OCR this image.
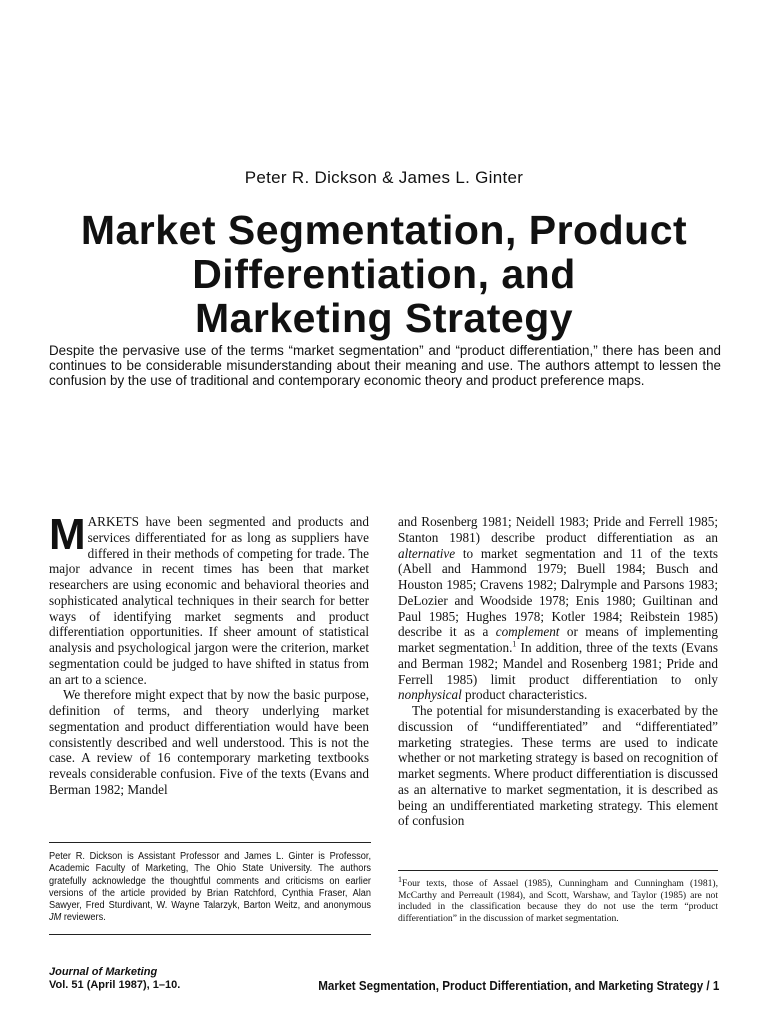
Peter R. Dickson & James L. Ginter
Market Segmentation, Product
Differentiation, and
Marketing Strategy
Despite the pervasive use of the terms “market segmentation” and “product differentiation,” there has been and continues to be considerable misunderstanding about their meaning and use. The authors attempt to lessen the confusion by the use of traditional and contemporary economic theory and product preference maps.

MARKETS have been segmented and products and services differentiated for as long as suppliers have differed in their methods of competing for trade. The major advance in recent times has been that market researchers are using economic and behavioral theories and sophisticated analytical techniques in their search for better ways of identifying market segments and product differentiation opportunities. If sheer amount of statistical analysis and psychological jargon were the criterion, market segmentation could be judged to have shifted in status from an art to a science.

We therefore might expect that by now the basic purpose, definition of terms, and theory underlying market segmentation and product differentiation would have been consistently described and well understood. This is not the case. A review of 16 contemporary marketing textbooks reveals considerable confusion. Five of the texts (Evans and Berman 1982; Mandel

and Rosenberg 1981; Neidell 1983; Pride and Ferrell 1985; Stanton 1981) describe product differentiation as an alternative to market segmentation and 11 of the texts (Abell and Hammond 1979; Buell 1984; Busch and Houston 1985; Cravens 1982; Dalrymple and Parsons 1983; DeLozier and Woodside 1978; Enis 1980; Guiltinan and Paul 1985; Hughes 1978; Kotler 1984; Reibstein 1985) describe it as a complement or means of implementing market segmentation.$^1$ In addition, three of the texts (Evans and Berman 1982; Mandel and Rosenberg 1981; Pride and Ferrell 1985) limit product differentiation to only nonphysical product characteristics.

The potential for misunderstanding is exacerbated by the discussion of “undifferentiated” and “differentiated” marketing strategies. These terms are used to indicate whether or not marketing strategy is based on recognition of market segments. Where product differentiation is discussed as an alternative to market segmentation, it is described as being an undifferentiated marketing strategy. This element of confusion

Peter R. Dickson is Assistant Professor and James L. Ginter is Professor, Academic Faculty of Marketing, The Ohio State University. The authors gratefully acknowledge the thoughtful comments and criticisms on earlier versions of the article provided by Brian Ratchford, Cynthia Fraser, Alan Sawyer, Fred Sturdivant, W. Wayne Talarzyk, Barton Weitz, and anonymous JM reviewers.
$^1$Four texts, those of Assael (1985), Cunningham and Cunningham (1981), McCarthy and Perreault (1984), and Scott, Warshaw, and Taylor (1985) are not included in the classification because they do not use the term “product differentiation” in the discussion of market segmentation.
Journal of Marketing
Vol. 51 (April 1987), 1–10.	Market Segmentation, Product Differentiation, and Marketing Strategy / 1
